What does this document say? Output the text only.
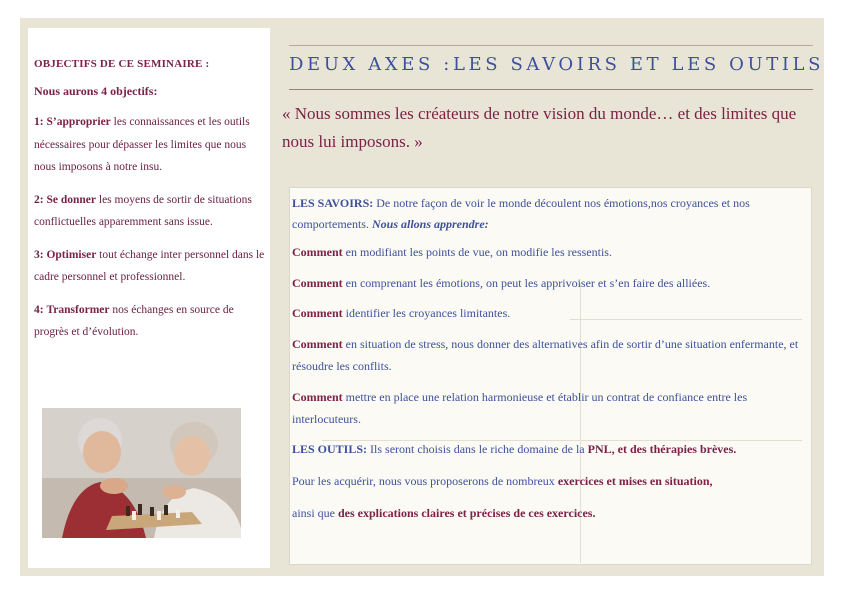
OBJECTIFS DE CE SEMINAIRE :

Nous aurons 4 objectifs:

1: S’approprier les connaissances et les outils nécessaires pour dépasser les limites que nous nous imposons à notre insu.

2: Se donner les moyens de sortir de situations conflictuelles apparemment sans issue.

3: Optimiser tout échange inter personnel dans le cadre personnel et professionnel.

4: Transformer nos échanges en source de progrès et d’évolution.

DEUX AXES :LES SAVOIRS ET LES OUTILS
« Nous sommes les créateurs de notre vision du monde… et des limites que nous lui imposons. »

LES SAVOIRS: De notre façon de voir le monde découlent nos émotions,nos croyances et nos comportements. Nous allons apprendre:

Comment en modifiant les points de vue, on modifie les ressentis.

Comment en comprenant les émotions, on peut les apprivoiser et s’en faire des alliées.

Comment identifier les croyances limitantes.

Comment en situation de stress, nous donner des alternatives afin de sortir d’une situation enfermante, et résoudre les conflits.

Comment mettre en place une relation harmonieuse et établir un contrat de confiance entre les interlocuteurs.

LES OUTILS: Ils seront choisis dans le riche domaine de la PNL, et des thérapies brèves.

Pour les acquérir, nous vous proposerons de nombreux exercices et mises en situation,

ainsi que des explications claires et précises de ces exercices.
